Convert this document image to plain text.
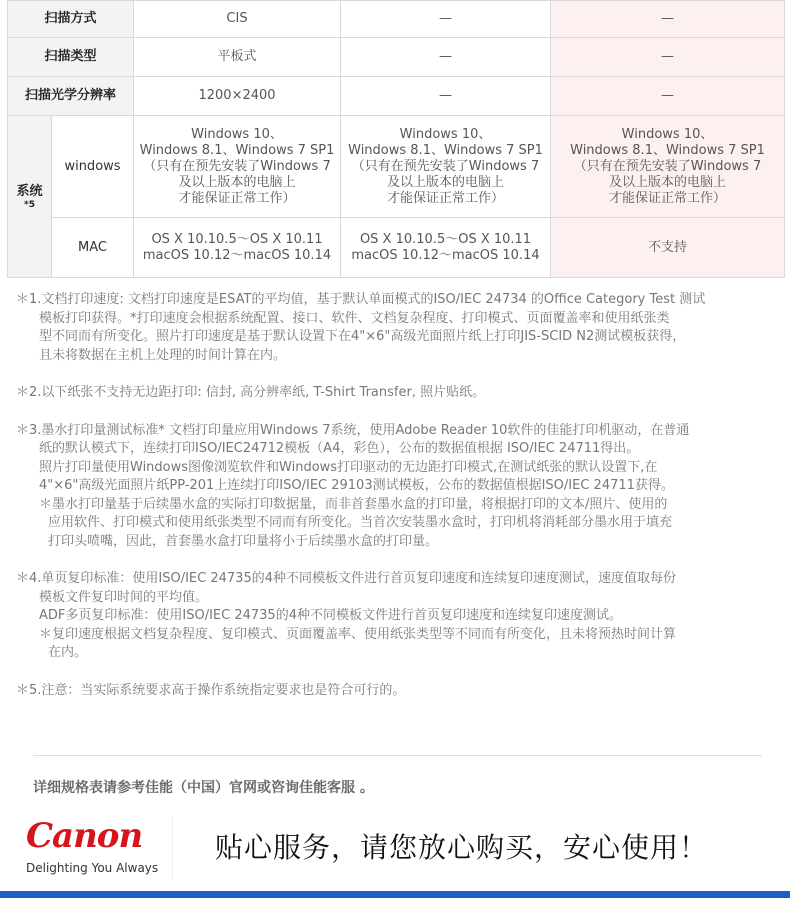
扫描方式		CIS	—	—
扫描类型		平板式	—	—
扫描光学分辨率		1200×2400	—	—
系统
*5	windows	Windows 10、
Windows 8.1、Windows 7 SP1
（只有在预先安装了Windows 7
及以上版本的电脑上
才能保证正常工作）	Windows 10、
Windows 8.1、Windows 7 SP1
（只有在预先安装了Windows 7
及以上版本的电脑上
才能保证正常工作）	Windows 10、
Windows 8.1、Windows 7 SP1
（只有在预先安装了Windows 7
及以上版本的电脑上
才能保证正常工作）
	MAC	OS X 10.10.5～OS X 10.11
macOS 10.12～macOS 10.14	OS X 10.10.5～OS X 10.11
macOS 10.12～macOS 10.14	不支持

＊1.文档打印速度: 文档打印速度是ESAT的平均值，基于默认单面模式的ISO/IEC 24734 的Office Category Test 测试

模板打印获得。*打印速度会根据系统配置、接口、软件、文档复杂程度、打印模式、页面覆盖率和使用纸张类

型不同而有所变化。照片打印速度是基于默认设置下在4"×6"高级光面照片纸上打印JIS-SCID N2测试模板获得，

且未将数据在主机上处理的时间计算在内。

＊2.以下纸张不支持无边距打印: 信封, 高分辨率纸, T-Shirt Transfer, 照片贴纸。

＊3.墨水打印量测试标准* 文档打印量应用Windows 7系统，使用Adobe Reader 10软件的佳能打印机驱动，在普通

纸的默认模式下，连续打印ISO/IEC24712模板（A4，彩色），公布的数据值根据 ISO/IEC 24711得出。

照片打印量使用Windows图像浏览软件和Windows打印驱动的无边距打印模式,在测试纸张的默认设置下,在

4"×6"高级光面照片纸PP-201上连续打印ISO/IEC 29103测试模板，公布的数据值根据ISO/IEC 24711获得。

＊墨水打印量基于后续墨水盒的实际打印数据量，而非首套墨水盒的打印量，将根据打印的文本/照片、使用的

应用软件、打印模式和使用纸张类型不同而有所变化。当首次安装墨水盒时，打印机将消耗部分墨水用于填充

打印头喷嘴，因此，首套墨水盒打印量将小于后续墨水盒的打印量。

＊4.单页复印标准：使用ISO/IEC 24735的4种不同模板文件进行首页复印速度和连续复印速度测试，速度值取每份

模板文件复印时间的平均值。

ADF多页复印标准：使用ISO/IEC 24735的4种不同模板文件进行首页复印速度和连续复印速度测试。

＊复印速度根据文档复杂程度、复印模式、页面覆盖率、使用纸张类型等不同而有所变化，且未将预热时间计算

在内。

＊5.注意：当实际系统要求高于操作系统指定要求也是符合可行的。

详细规格表请参考佳能（中国）官网或咨询佳能客服 。
Canon
Delighting You Always
贴心服务，请您放心购买，安心使用！
